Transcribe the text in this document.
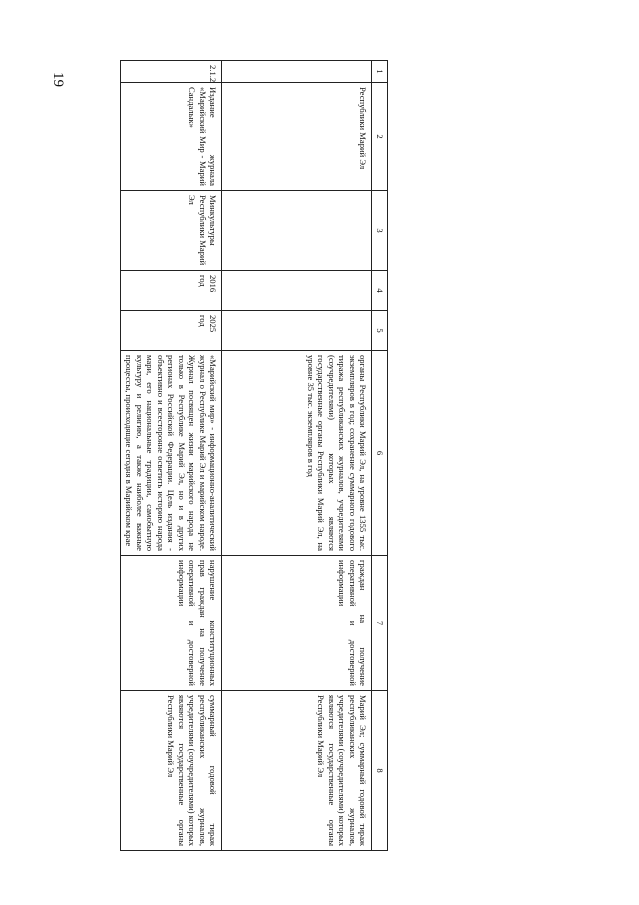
19
1	2	3	4	5	6	7	8
	Республики Марий Эл				органы Республики Марий Эл, на уровне 1355 тыс. экземпляров в год; сохранение суммарного годового тиража республиканских журналов, учредителями (соучредителями) которых являются государственные органы Республики Марий Эл, на уровне 35 тыс. экземпляров в год	граждан на получение оперативной и достоверной информации	Марий Эл; суммарный годовой тираж республиканских журналов, учредителями (соучредителями) которых являются государственные органы Республики Марий Эл
2.1.2	Издание журнала «Марийский Мир - Марий Сандалык»	Минкультуры Республики Марий Эл	2016 год	2025 год	«Марийский мир» - информационно-аналитический журнал о Республике Марий Эл и марийском народе. Журнал посвящен жизни марийского народа не только в Республике Марий Эл, но и в других регионах Российской Федерации. Цель издания - объективно и всесторонне осветить историю народа мари, его национальные традиции, самобытную культуру и религию, а также наиболее важные процессы, происходящие сегодня в Марийском крае	нарушение конституционных прав граждан на получение оперативной и достоверной информации	суммарный годовой тираж республиканских журналов, учредителями (соучредителями) которых являются государственные органы Республики Марий Эл
